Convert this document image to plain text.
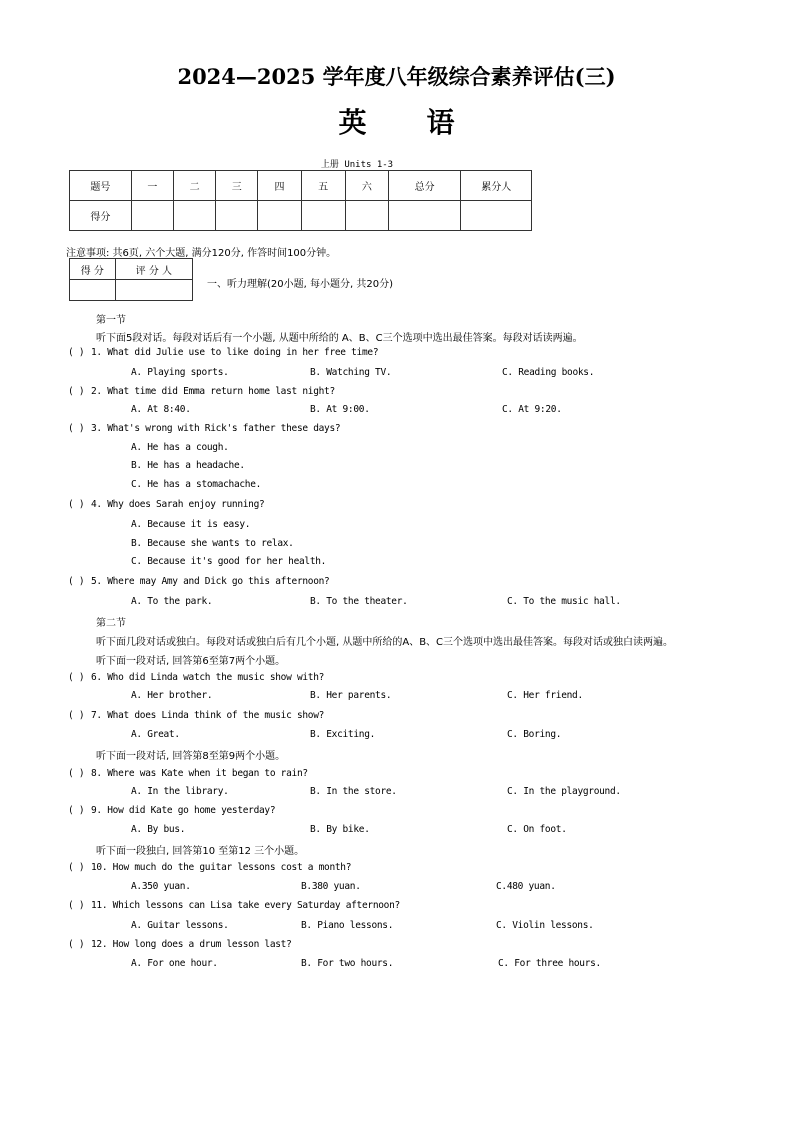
2024—2025 学年度八年级综合素养评估(三)
英语
上册 Units 1-3
题号	一	二	三	四	五	六	总分	累分人
得分								
注意事项: 共6页, 六个大题, 满分120分, 作答时间100分钟。
得 分	评 分 人

一、听力理解(20小题, 每小题分, 共20分)
第一节
听下面5段对话。每段对话后有一个小题, 从题中所给的 A、B、C三个选项中选出最佳答案。每段对话读两遍。
( ) 1. What did Julie use to like doing in her free time?
A. Playing sports.	B. Watching TV.	C. Reading books.
( ) 2. What time did Emma return home last night?
A. At 8:40.	B. At 9:00.	C. At 9:20.
( ) 3. What's wrong with Rick's father these days?
A. He has a cough.
B. He has a headache.
C. He has a stomachache.
( ) 4. Why does Sarah enjoy running?
A. Because it is easy.
B. Because she wants to relax.
C. Because it's good for her health.
( ) 5. Where may Amy and Dick go this afternoon?
A. To the park.	B. To the theater.	C. To the music hall.
第二节
听下面几段对话或独白。每段对话或独白后有几个小题, 从题中所给的A、B、C三个选项中选出最佳答案。每段对话或独白读两遍。
听下面一段对话, 回答第6至第7两个小题。
( ) 6. Who did Linda watch the music show with?
A. Her brother.	B. Her parents.	C. Her friend.
( ) 7. What does Linda think of the music show?
A. Great.	B. Exciting.	C. Boring.
听下面一段对话, 回答第8至第9两个小题。
( ) 8. Where was Kate when it began to rain?
A. In the library.	B. In the store.	C. In the playground.
( ) 9. How did Kate go home yesterday?
A. By bus.	B. By bike.	C. On foot.
听下面一段独白, 回答第10 至第12 三个小题。
( ) 10. How much do the guitar lessons cost a month?
A.350 yuan.	B.380 yuan.	C.480 yuan.
( ) 11. Which lessons can Lisa take every Saturday afternoon?
A. Guitar lessons.	B. Piano lessons.	C. Violin lessons.
( ) 12. How long does a drum lesson last?
A. For one hour.	B. For two hours.	C. For three hours.
